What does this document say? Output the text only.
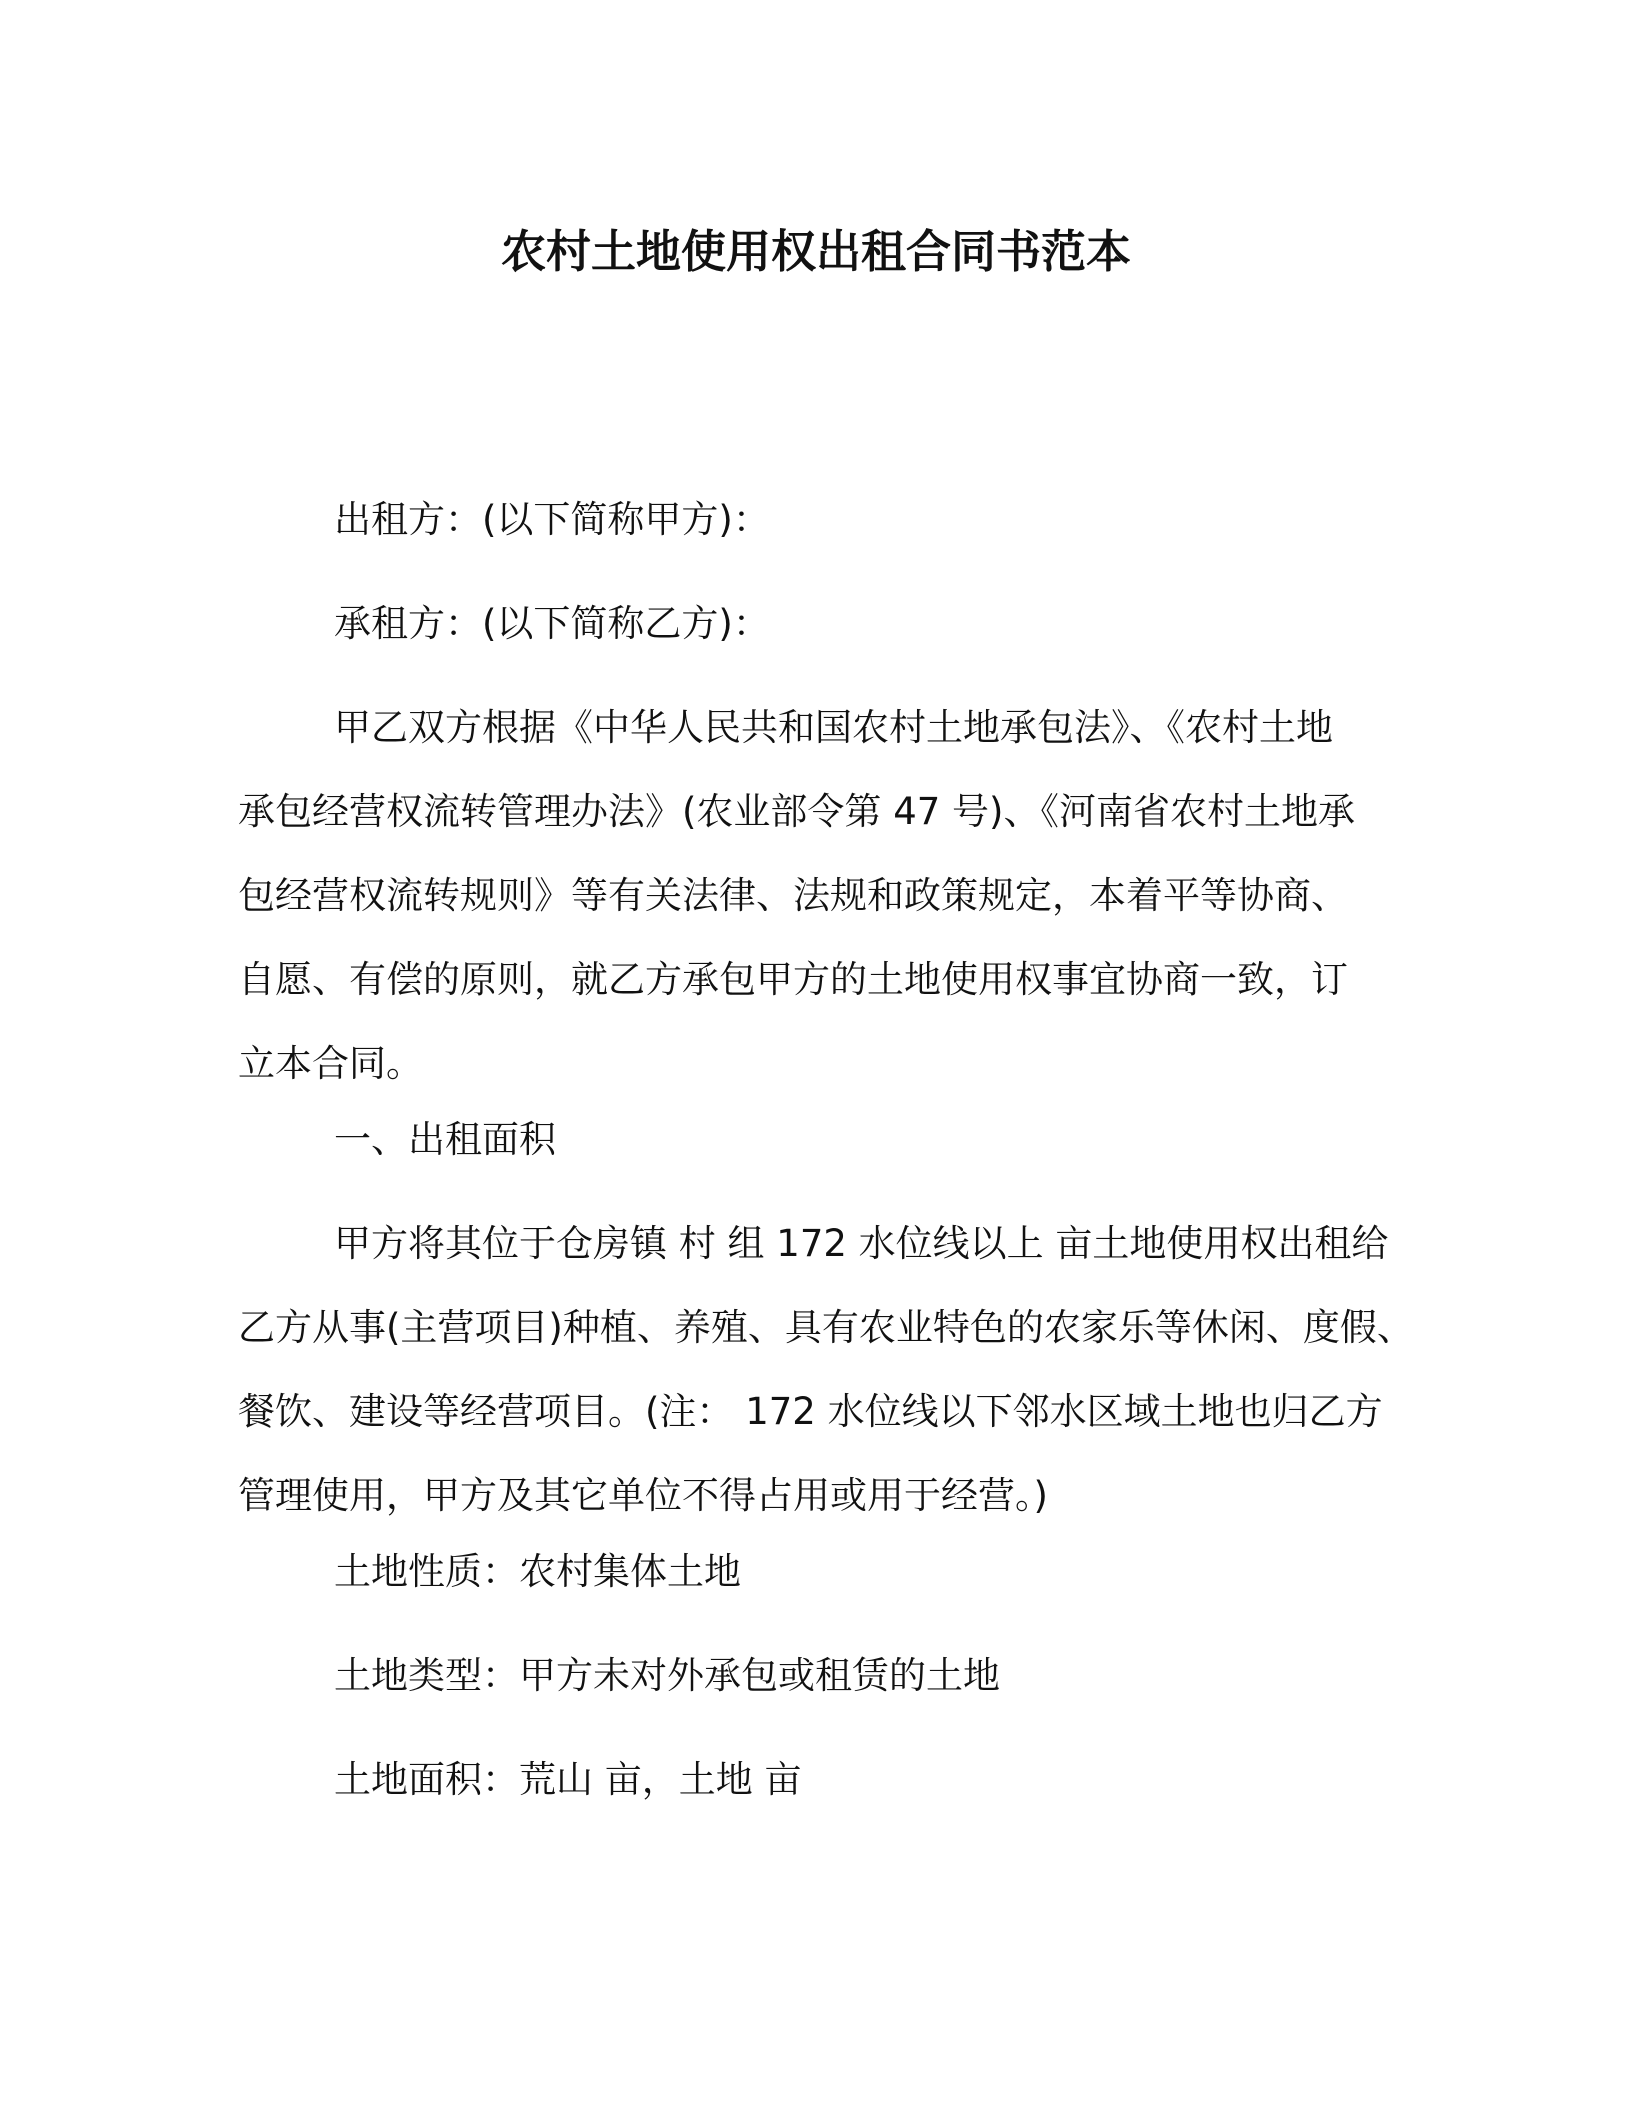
农村土地使用权出租合同书范本

出租方：(以下简称甲方)：

承租方：(以下简称乙方)：

甲乙双方根据《中华人民共和国农村土地承包法》、《农村土地
承包经营权流转管理办法》(农业部令第 47 号)、《河南省农村土地承
包经营权流转规则》等有关法律、法规和政策规定，本着平等协商、
自愿、有偿的原则，就乙方承包甲方的土地使用权事宜协商一致，订
立本合同。

一、出租面积

甲方将其位于仓房镇 村 组 172 水位线以上 亩土地使用权出租给
乙方从事(主营项目)种植、养殖、具有农业特色的农家乐等休闲、度假、
餐饮、建设等经营项目。(注： 172 水位线以下邻水区域土地也归乙方
管理使用，甲方及其它单位不得占用或用于经营。)

土地性质：农村集体土地

土地类型：甲方未对外承包或租赁的土地

土地面积：荒山 亩，土地 亩
